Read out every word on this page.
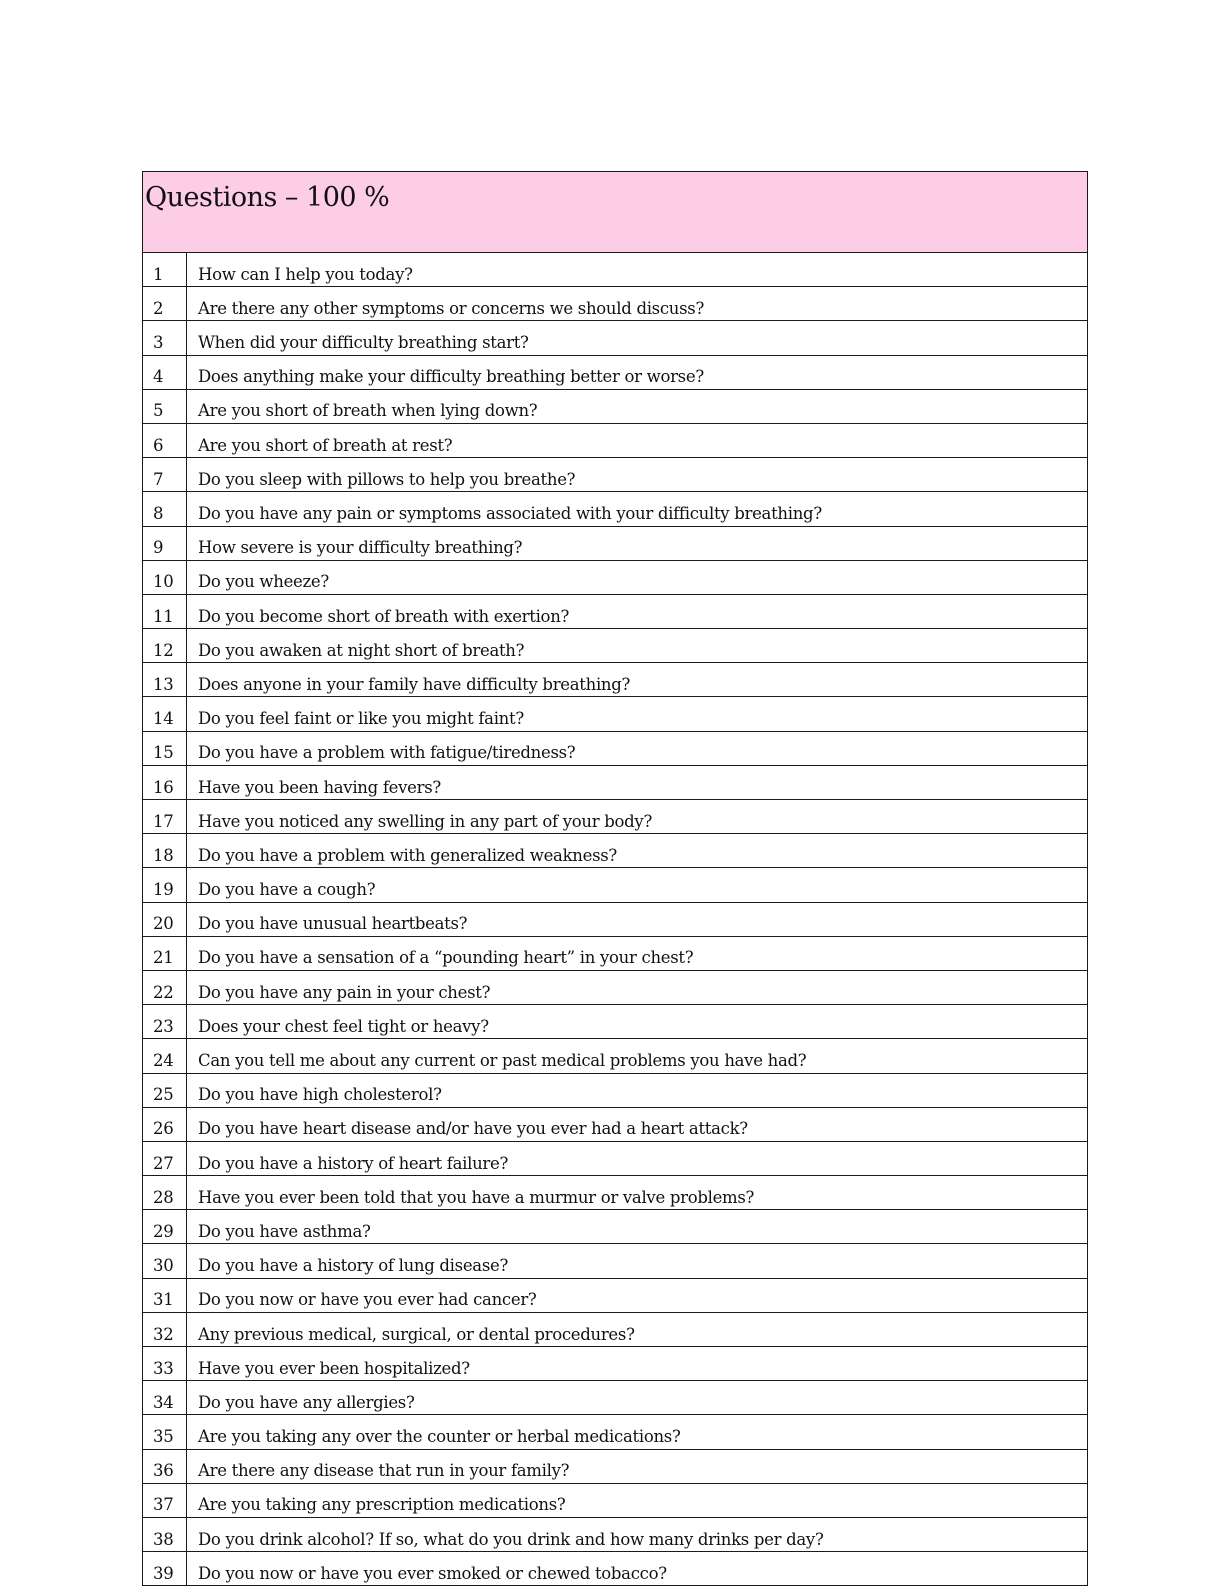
Questions – 100 %	
1	How can I help you today?
2	Are there any other symptoms or concerns we should discuss?
3	When did your difficulty breathing start?
4	Does anything make your difficulty breathing better or worse?
5	Are you short of breath when lying down?
6	Are you short of breath at rest?
7	Do you sleep with pillows to help you breathe?
8	Do you have any pain or symptoms associated with your difficulty breathing?
9	How severe is your difficulty breathing?
10	Do you wheeze?
11	Do you become short of breath with exertion?
12	Do you awaken at night short of breath?
13	Does anyone in your family have difficulty breathing?
14	Do you feel faint or like you might faint?
15	Do you have a problem with fatigue/tiredness?
16	Have you been having fevers?
17	Have you noticed any swelling in any part of your body?
18	Do you have a problem with generalized weakness?
19	Do you have a cough?
20	Do you have unusual heartbeats?
21	Do you have a sensation of a “pounding heart” in your chest?
22	Do you have any pain in your chest?
23	Does your chest feel tight or heavy?
24	Can you tell me about any current or past medical problems you have had?
25	Do you have high cholesterol?
26	Do you have heart disease and/or have you ever had a heart attack?
27	Do you have a history of heart failure?
28	Have you ever been told that you have a murmur or valve problems?
29	Do you have asthma?
30	Do you have a history of lung disease?
31	Do you now or have you ever had cancer?
32	Any previous medical, surgical, or dental procedures?
33	Have you ever been hospitalized?
34	Do you have any allergies?
35	Are you taking any over the counter or herbal medications?
36	Are there any disease that run in your family?
37	Are you taking any prescription medications?
38	Do you drink alcohol? If so, what do you drink and how many drinks per day?
39	Do you now or have you ever smoked or chewed tobacco?
